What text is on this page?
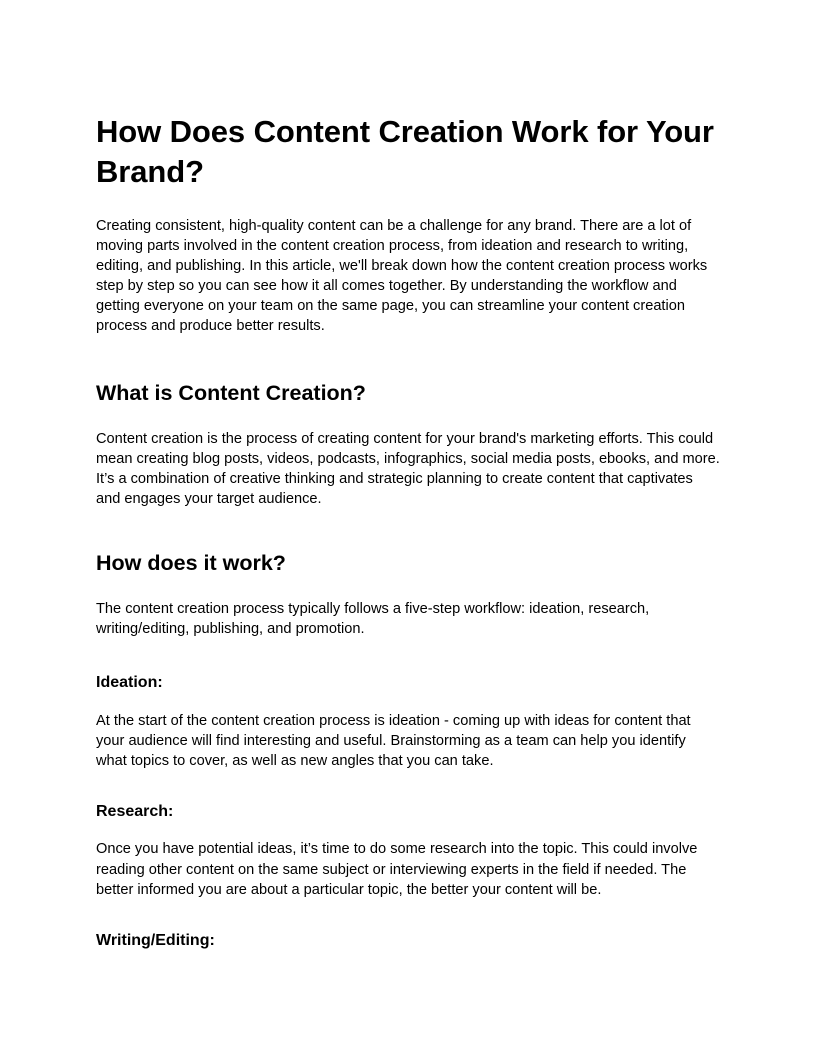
How Does Content Creation Work for Your Brand?

Creating consistent, high-quality content can be a challenge for any brand. There are a lot of moving parts involved in the content creation process, from ideation and research to writing, editing, and publishing. In this article, we'll break down how the content creation process works step by step so you can see how it all comes together. By understanding the workflow and getting everyone on your team on the same page, you can streamline your content creation process and produce better results.

What is Content Creation?

Content creation is the process of creating content for your brand's marketing efforts. This could mean creating blog posts, videos, podcasts, infographics, social media posts, ebooks, and more. It’s a combination of creative thinking and strategic planning to create content that captivates and engages your target audience.

How does it work?

The content creation process typically follows a five-step workflow: ideation, research, writing/editing, publishing, and promotion.

Ideation:

At the start of the content creation process is ideation - coming up with ideas for content that your audience will find interesting and useful. Brainstorming as a team can help you identify what topics to cover, as well as new angles that you can take.

Research:

Once you have potential ideas, it’s time to do some research into the topic. This could involve reading other content on the same subject or interviewing experts in the field if needed. The better informed you are about a particular topic, the better your content will be.

Writing/Editing:
